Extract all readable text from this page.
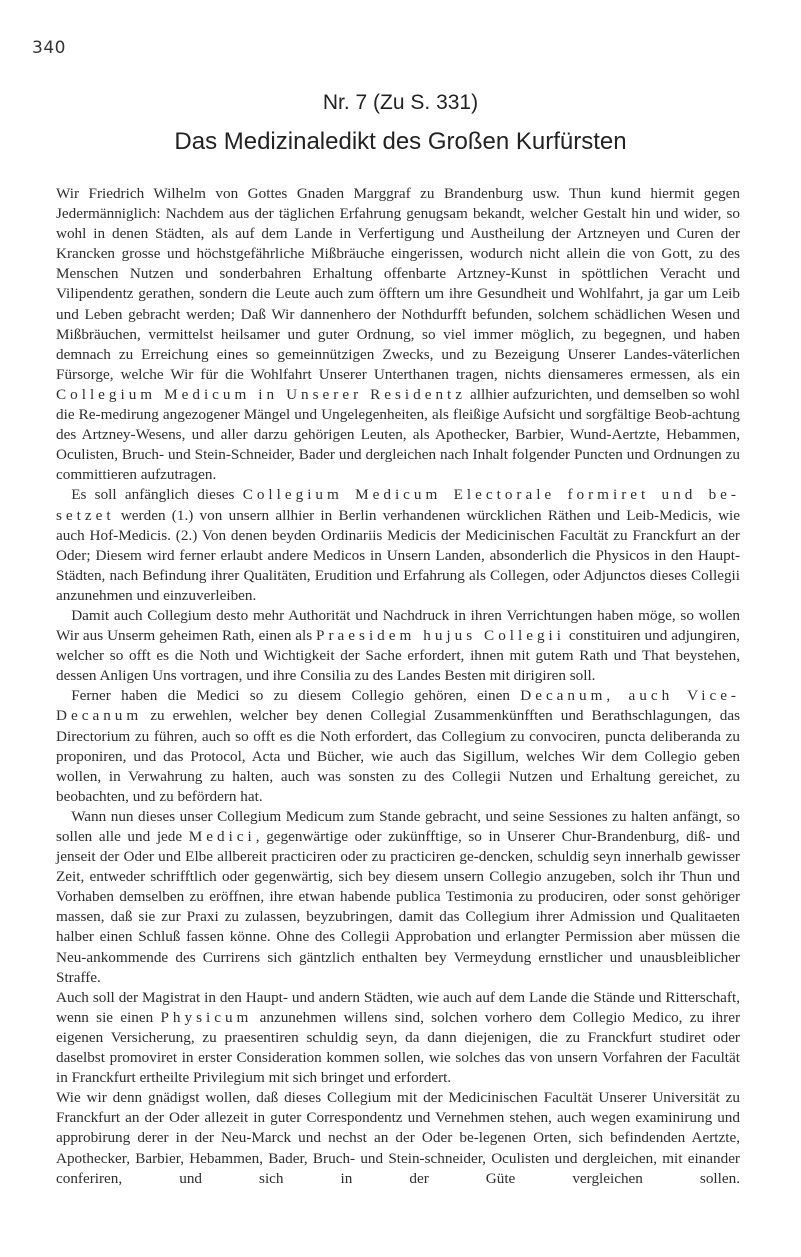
340
Nr. 7 (Zu S. 331)
Das Medizinaledikt des Großen Kurfürsten

Wir Friedrich Wilhelm von Gottes Gnaden Marggraf zu Brandenburg usw. Thun kund hiermit gegen Jedermänniglich: Nachdem aus der täglichen Erfahrung genugsam bekandt, welcher Gestalt hin und wider, so wohl in denen Städten, als auf dem Lande in Verfertigung und Austheilung der Artzneyen und Curen der Krancken grosse und höchstgefährliche Mißbräuche eingerissen, wodurch nicht allein die von Gott, zu des Menschen Nutzen und sonderbahren Erhaltung offenbarte Artzney-Kunst in spöttlichen Veracht und Vilipendentz gerathen, sondern die Leute auch zum öfftern um ihre Gesundheit und Wohlfahrt, ja gar um Leib und Leben gebracht werden; Daß Wir dannenhero der Nothdurfft befunden, solchem schädlichen Wesen und Mißbräuchen, vermittelst heilsamer und guter Ordnung, so viel immer möglich, zu begegnen, und haben demnach zu Erreichung eines so gemeinnützigen Zwecks, und zu Bezeigung Unserer Landes-väterlichen Fürsorge, welche Wir für die Wohlfahrt Unserer Unterthanen tragen, nichts diensameres ermessen, als ein Collegium Medicum in Unserer Residentz allhier aufzurichten, und demselben so wohl die Re-medirung angezogener Mängel und Ungelegenheiten, als fleißige Aufsicht und sorgfältige Beob-achtung des Artzney-Wesens, und aller darzu gehörigen Leuten, als Apothecker, Barbier, Wund-Aertzte, Hebammen, Oculisten, Bruch- und Stein-Schneider, Bader und dergleichen nach Inhalt folgender Puncten und Ordnungen zu committieren aufzutragen.

 Es soll anfänglich dieses Collegium Medicum Electorale formiret und be-setzet werden (1.) von unsern allhier in Berlin verhandenen würcklichen Räthen und Leib-Medicis, wie auch Hof-Medicis. (2.) Von denen beyden Ordinariis Medicis der Medicinischen Facultät zu Franckfurt an der Oder; Diesem wird ferner erlaubt andere Medicos in Unsern Landen, absonderlich die Physicos in den Haupt-Städten, nach Befindung ihrer Qualitäten, Erudition und Erfahrung als Collegen, oder Adjunctos dieses Collegii anzunehmen und einzuverleiben.

 Damit auch Collegium desto mehr Authorität und Nachdruck in ihren Verrichtungen haben möge, so wollen Wir aus Unserm geheimen Rath, einen als Praesidem hujus Collegii constituiren und adjungiren, welcher so offt es die Noth und Wichtigkeit der Sache erfordert, ihnen mit gutem Rath und That beystehen, dessen Anligen Uns vortragen, und ihre Consilia zu des Landes Besten mit dirigiren soll.

 Ferner haben die Medici so zu diesem Collegio gehören, einen Decanum, auch Vice-Decanum zu erwehlen, welcher bey denen Collegial Zusammenkünfften und Berathschlagungen, das Directorium zu führen, auch so offt es die Noth erfordert, das Collegium zu convociren, puncta deliberanda zu proponiren, und das Protocol, Acta und Bücher, wie auch das Sigillum, welches Wir dem Collegio geben wollen, in Verwahrung zu halten, auch was sonsten zu des Collegii Nutzen und Erhaltung gereichet, zu beobachten, und zu befördern hat.

 Wann nun dieses unser Collegium Medicum zum Stande gebracht, und seine Sessiones zu halten anfängt, so sollen alle und jede Medici, gegenwärtige oder zukünfftige, so in Unserer Chur-Brandenburg, diß- und jenseit der Oder und Elbe allbereit practiciren oder zu practiciren ge-dencken, schuldig seyn innerhalb gewisser Zeit, entweder schrifftlich oder gegenwärtig, sich bey diesem unsern Collegio anzugeben, solch ihr Thun und Vorhaben demselben zu eröffnen, ihre etwan habende publica Testimonia zu produciren, oder sonst gehöriger massen, daß sie zur Praxi zu zulassen, beyzubringen, damit das Collegium ihrer Admission und Qualitaeten halber einen Schluß fassen könne. Ohne des Collegii Approbation und erlangter Permission aber müssen die Neu-ankommende des Currirens sich gäntzlich enthalten bey Vermeydung ernstlicher und unausbleiblicher Straffe.

Auch soll der Magistrat in den Haupt- und andern Städten, wie auch auf dem Lande die Stände und Ritterschaft, wenn sie einen Physicum anzunehmen willens sind, solchen vorhero dem Collegio Medico, zu ihrer eigenen Versicherung, zu praesentiren schuldig seyn, da dann diejenigen, die zu Franckfurt studiret oder daselbst promoviret in erster Consideration kommen sollen, wie solches das von unsern Vorfahren der Facultät in Franckfurt ertheilte Privilegium mit sich bringet und erfordert.

Wie wir denn gnädigst wollen, daß dieses Collegium mit der Medicinischen Facultät Unserer Universität zu Franckfurt an der Oder allezeit in guter Correspondentz und Vernehmen stehen, auch wegen examinirung und approbirung derer in der Neu-Marck und nechst an der Oder be-legenen Orten, sich befindenden Aertzte, Apothecker, Barbier, Hebammen, Bader, Bruch- und Stein-schneider, Oculisten und dergleichen, mit einander conferiren, und sich in der Güte vergleichen sollen.
